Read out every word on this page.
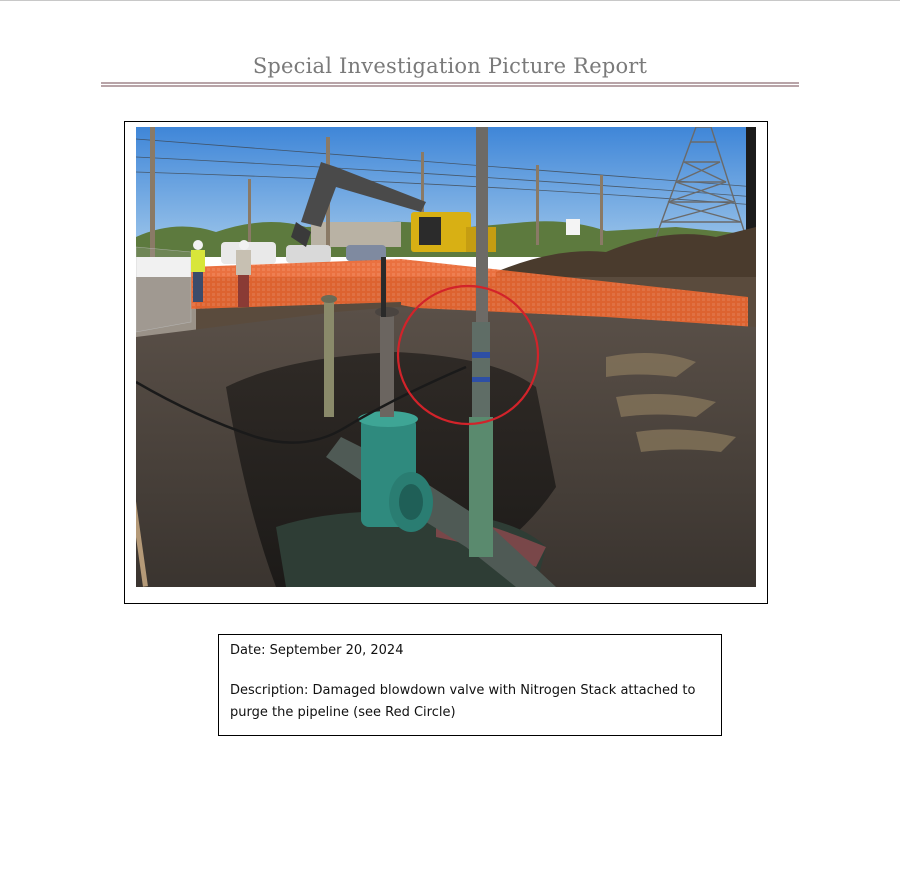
Special Investigation Picture Report
Date: September 20, 2024
Description: Damaged blowdown valve with Nitrogen Stack attached to purge the pipeline (see Red Circle)
